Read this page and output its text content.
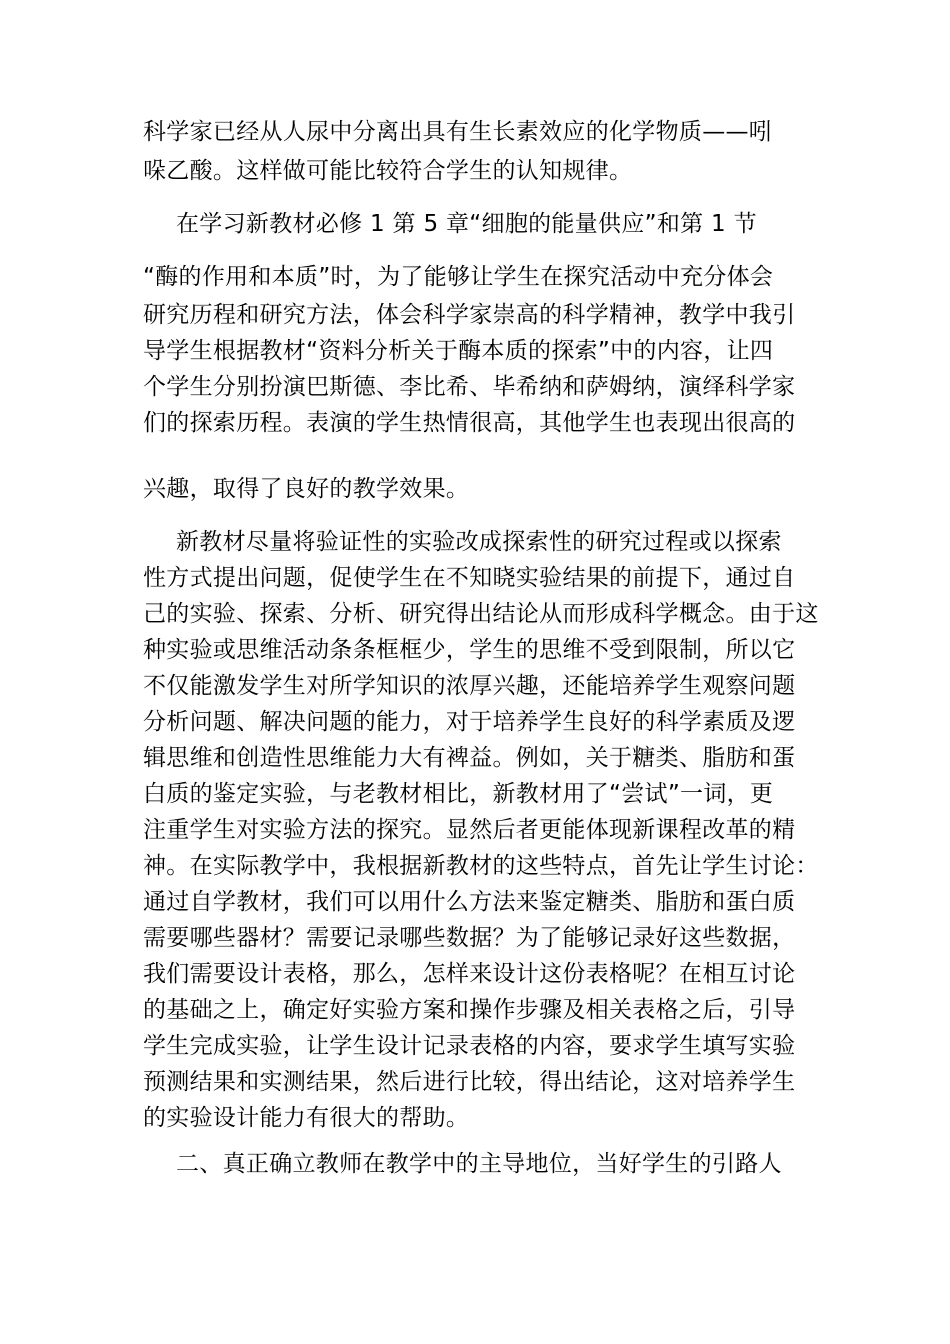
科学家已经从人尿中分离出具有生长素效应的化学物质——吲
哚乙酸。这样做可能比较符合学生的认知规律。
在学习新教材必修 1 第 5 章“细胞的能量供应”和第 1 节
“酶的作用和本质”时，为了能够让学生在探究活动中充分体会
研究历程和研究方法，体会科学家崇高的科学精神，教学中我引
导学生根据教材“资料分析关于酶本质的探索”中的内容，让四
个学生分别扮演巴斯德、李比希、毕希纳和萨姆纳，演绎科学家
们的探索历程。表演的学生热情很高，其他学生也表现出很高的
兴趣，取得了良好的教学效果。
新教材尽量将验证性的实验改成探索性的研究过程或以探索
性方式提出问题，促使学生在不知晓实验结果的前提下，通过自
己的实验、探索、分析、研究得出结论从而形成科学概念。由于这
种实验或思维活动条条框框少，学生的思维不受到限制，所以它
不仅能激发学生对所学知识的浓厚兴趣，还能培养学生观察问题
分析问题、解决问题的能力，对于培养学生良好的科学素质及逻
辑思维和创造性思维能力大有裨益。例如，关于糖类、脂肪和蛋
白质的鉴定实验，与老教材相比，新教材用了“尝试”一词，更
注重学生对实验方法的探究。显然后者更能体现新课程改革的精
神。在实际教学中，我根据新教材的这些特点，首先让学生讨论：
通过自学教材，我们可以用什么方法来鉴定糖类、脂肪和蛋白质
需要哪些器材？需要记录哪些数据？为了能够记录好这些数据，
我们需要设计表格，那么，怎样来设计这份表格呢？在相互讨论
的基础之上，确定好实验方案和操作步骤及相关表格之后，引导
学生完成实验，让学生设计记录表格的内容，要求学生填写实验
预测结果和实测结果，然后进行比较，得出结论，这对培养学生
的实验设计能力有很大的帮助。
二、真正确立教师在教学中的主导地位，当好学生的引路人
